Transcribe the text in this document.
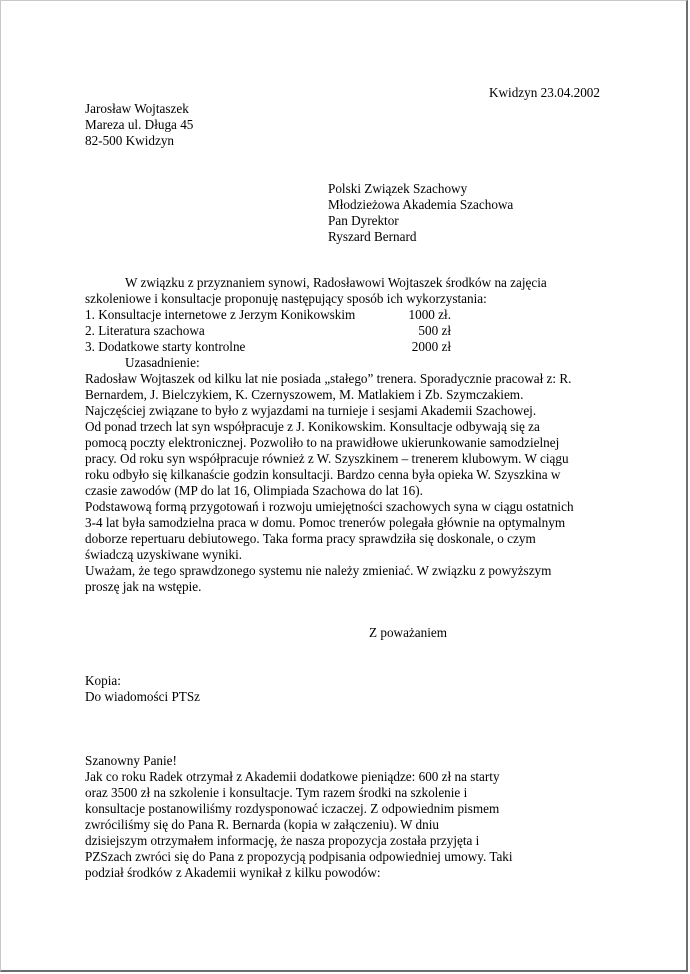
Kwidzyn 23.04.2002
Jarosław Wojtaszek
Mareza ul. Długa 45
82-500 Kwidzyn
Polski Związek Szachowy
Młodzieżowa Akademia Szachowa
Pan Dyrektor
Ryszard Bernard
W związku z przyznaniem synowi, Radosławowi Wojtaszek środków na zajęcia
szkoleniowe i konsultacje proponuję następujący sposób ich wykorzystania:
1. Konsultacje internetowe z Jerzym Konikowskim	1000 zł.
2. Literatura szachowa	500 zł
3. Dodatkowe starty kontrolne	2000 zł
Uzasadnienie:
Radosław Wojtaszek od kilku lat nie posiada „stałego” trenera. Sporadycznie pracował z: R.
Bernardem, J. Bielczykiem, K. Czernyszowem, M. Matlakiem i Zb. Szymczakiem.
Najczęściej związane to było z wyjazdami na turnieje i sesjami Akademii Szachowej.
Od ponad trzech lat syn współpracuje z J. Konikowskim. Konsultacje odbywają się za
pomocą poczty elektronicznej. Pozwoliło to na prawidłowe ukierunkowanie samodzielnej
pracy. Od roku syn współpracuje również z W. Szyszkinem – trenerem klubowym. W ciągu
roku odbyło się kilkanaście godzin konsultacji. Bardzo cenna była opieka W. Szyszkina w
czasie zawodów (MP do lat 16, Olimpiada Szachowa do lat 16).
Podstawową formą przygotowań i rozwoju umiejętności szachowych syna w ciągu ostatnich
3-4 lat była samodzielna praca w domu. Pomoc trenerów polegała głównie na optymalnym
doborze repertuaru debiutowego. Taka forma pracy sprawdziła się doskonale, o czym
świadczą uzyskiwane wyniki.
Uważam, że tego sprawdzonego systemu nie należy zmieniać. W związku z powyższym
proszę jak na wstępie.
Z poważaniem
Kopia:
Do wiadomości PTSz
Szanowny Panie!
Jak co roku Radek otrzymał z Akademii dodatkowe pieniądze: 600 zł na starty
oraz 3500 zł na szkolenie i konsultacje. Tym razem środki na szkolenie i
konsultacje postanowiliśmy rozdysponować iczaczej. Z odpowiednim pismem
zwróciliśmy się do Pana R. Bernarda (kopia w załączeniu). W dniu
dzisiejszym otrzymałem informację, że nasza propozycja została przyjęta i
PZSzach zwróci się do Pana z propozycją podpisania odpowiedniej umowy. Taki
podział środków z Akademii wynikał z kilku powodów:
